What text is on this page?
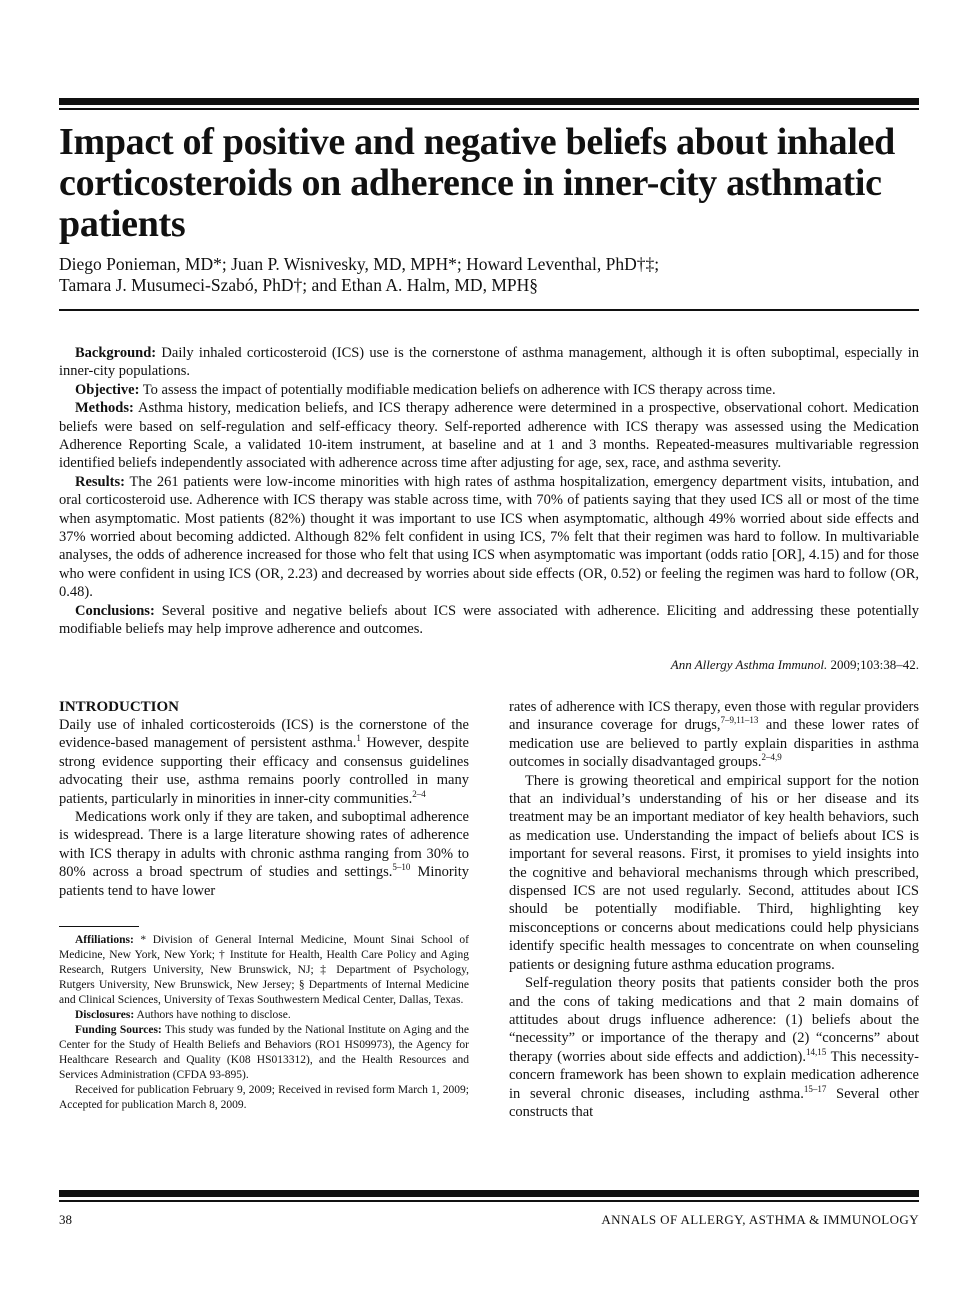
Impact of positive and negative beliefs about inhaled corticosteroids on adherence in inner-city asthmatic patients
Diego Ponieman, MD*; Juan P. Wisnivesky, MD, MPH*; Howard Leventhal, PhD†‡;
Tamara J. Musumeci-Szabó, PhD†; and Ethan A. Halm, MD, MPH§

Background: Daily inhaled corticosteroid (ICS) use is the cornerstone of asthma management, although it is often suboptimal, especially in inner-city populations.

Objective: To assess the impact of potentially modifiable medication beliefs on adherence with ICS therapy across time.

Methods: Asthma history, medication beliefs, and ICS therapy adherence were determined in a prospective, observational cohort. Medication beliefs were based on self-regulation and self-efficacy theory. Self-reported adherence with ICS therapy was assessed using the Medication Adherence Reporting Scale, a validated 10-item instrument, at baseline and at 1 and 3 months. Repeated-measures multivariable regression identified beliefs independently associated with adherence across time after adjusting for age, sex, race, and asthma severity.

Results: The 261 patients were low-income minorities with high rates of asthma hospitalization, emergency department visits, intubation, and oral corticosteroid use. Adherence with ICS therapy was stable across time, with 70% of patients saying that they used ICS all or most of the time when asymptomatic. Most patients (82%) thought it was important to use ICS when asymptomatic, although 49% worried about side effects and 37% worried about becoming addicted. Although 82% felt confident in using ICS, 7% felt that their regimen was hard to follow. In multivariable analyses, the odds of adherence increased for those who felt that using ICS when asymptomatic was important (odds ratio [OR], 4.15) and for those who were confident in using ICS (OR, 2.23) and decreased by worries about side effects (OR, 0.52) or feeling the regimen was hard to follow (OR, 0.48).

Conclusions: Several positive and negative beliefs about ICS were associated with adherence. Eliciting and addressing these potentially modifiable beliefs may help improve adherence and outcomes.

Ann Allergy Asthma Immunol. 2009;103:38–42.
INTRODUCTION

Daily use of inhaled corticosteroids (ICS) is the cornerstone of the evidence-based management of persistent asthma.$^1$ However, despite strong evidence supporting their efficacy and consensus guidelines advocating their use, asthma remains poorly controlled in many patients, particularly in minorities in inner-city communities.$^{2-4}$

Medications work only if they are taken, and suboptimal adherence is widespread. There is a large literature showing rates of adherence with ICS therapy in adults with chronic asthma ranging from 30% to 80% across a broad spectrum of studies and settings.$^{5-10}$ Minority patients tend to have lower

Affiliations: * Division of General Internal Medicine, Mount Sinai School of Medicine, New York, New York; † Institute for Health, Health Care Policy and Aging Research, Rutgers University, New Brunswick, NJ; ‡ Department of Psychology, Rutgers University, New Brunswick, New Jersey; § Departments of Internal Medicine and Clinical Sciences, University of Texas Southwestern Medical Center, Dallas, Texas.

Disclosures: Authors have nothing to disclose.

Funding Sources: This study was funded by the National Institute on Aging and the Center for the Study of Health Beliefs and Behaviors (RO1 HS09973), the Agency for Healthcare Research and Quality (K08 HS013312), and the Health Resources and Services Administration (CFDA 93-895).

Received for publication February 9, 2009; Received in revised form March 1, 2009; Accepted for publication March 8, 2009.

rates of adherence with ICS therapy, even those with regular providers and insurance coverage for drugs,$^{7-9,11-13}$ and these lower rates of medication use are believed to partly explain disparities in asthma outcomes in socially disadvantaged groups.$^{2-4,9}$

There is growing theoretical and empirical support for the notion that an individual’s understanding of his or her disease and its treatment may be an important mediator of key health behaviors, such as medication use. Understanding the impact of beliefs about ICS is important for several reasons. First, it promises to yield insights into the cognitive and behavioral mechanisms through which prescribed, dispensed ICS are not used regularly. Second, attitudes about ICS should be potentially modifiable. Third, highlighting key misconceptions or concerns about medications could help physicians identify specific health messages to concentrate on when counseling patients or designing future asthma education programs.

Self-regulation theory posits that patients consider both the pros and the cons of taking medications and that 2 main domains of attitudes about drugs influence adherence: (1) beliefs about the “necessity” or importance of the therapy and (2) “concerns” about therapy (worries about side effects and addiction).$^{14,15}$ This necessity-concern framework has been shown to explain medication adherence in several chronic diseases, including asthma.$^{15-17}$ Several other constructs that

38	ANNALS OF ALLERGY, ASTHMA & IMMUNOLOGY
